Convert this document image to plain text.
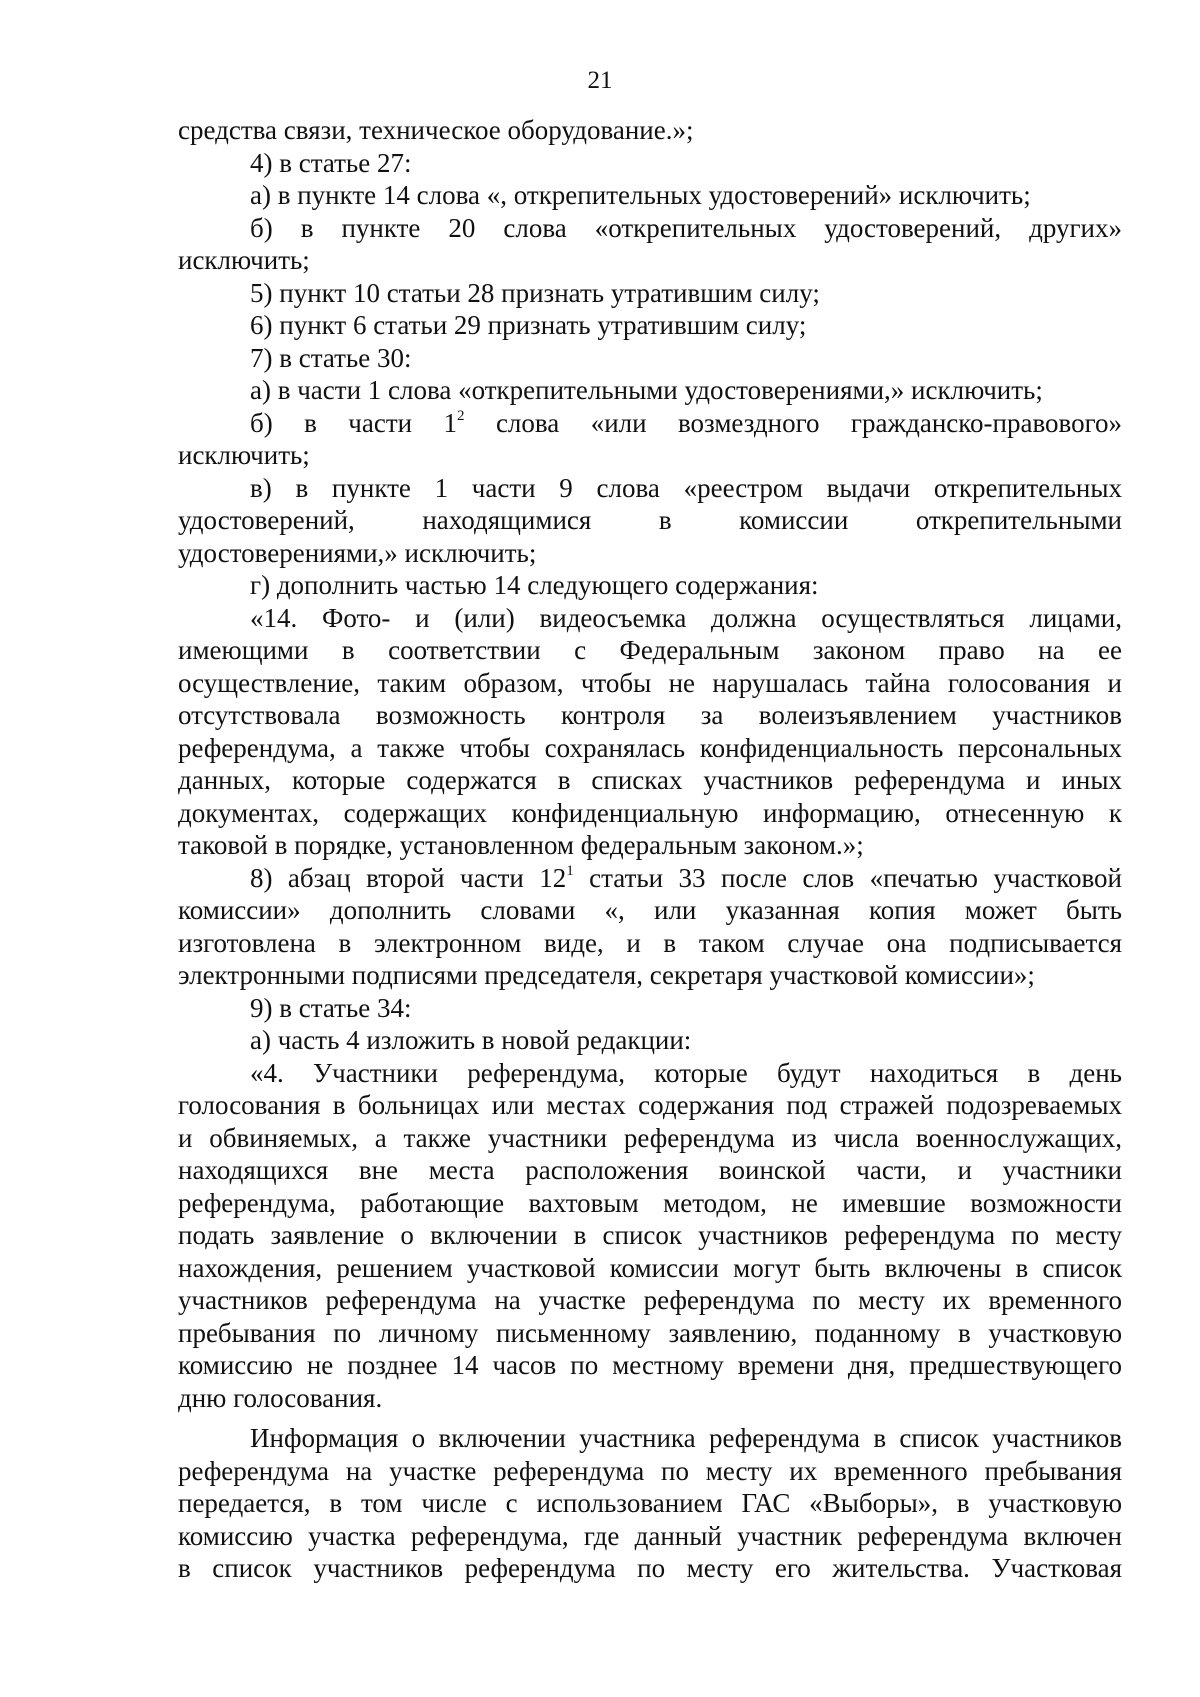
21
средства связи, техническое оборудование.»;
4) в статье 27:
а) в пункте 14 слова «, открепительных удостоверений» исключить;
б) в пункте 20 слова «открепительных удостоверений, других»
исключить;
5) пункт 10 статьи 28 признать утратившим силу;
6) пункт 6 статьи 29 признать утратившим силу;
7) в статье 30:
а) в части 1 слова «открепительными удостоверениями,» исключить;
б) в части $1^2$ слова «или возмездного гражданско-правового»
исключить;
в) в пункте 1 части 9 слова «реестром выдачи открепительных
удостоверений, находящимися в комиссии открепительными
удостоверениями,» исключить;
г) дополнить частью 14 следующего содержания:
«14. Фото- и (или) видеосъемка должна осуществляться лицами,
имеющими в соответствии с Федеральным законом право на ее
осуществление, таким образом, чтобы не нарушалась тайна голосования и
отсутствовала возможность контроля за волеизъявлением участников
референдума, а также чтобы сохранялась конфиденциальность персональных
данных, которые содержатся в списках участников референдума и иных
документах, содержащих конфиденциальную информацию, отнесенную к
таковой в порядке, установленном федеральным законом.»;
8) абзац второй части $12^1$ статьи 33 после слов «печатью участковой
комиссии» дополнить словами «, или указанная копия может быть
изготовлена в электронном виде, и в таком случае она подписывается
электронными подписями председателя, секретаря участковой комиссии»;
9) в статье 34:
а) часть 4 изложить в новой редакции:
«4. Участники референдума, которые будут находиться в день
голосования в больницах или местах содержания под стражей подозреваемых
и обвиняемых, а также участники референдума из числа военнослужащих,
находящихся вне места расположения воинской части, и участники
референдума, работающие вахтовым методом, не имевшие возможности
подать заявление о включении в список участников референдума по месту
нахождения, решением участковой комиссии могут быть включены в список
участников референдума на участке референдума по месту их временного
пребывания по личному письменному заявлению, поданному в участковую
комиссию не позднее 14 часов по местному времени дня, предшествующего
дню голосования.
Информация о включении участника референдума в список участников
референдума на участке референдума по месту их временного пребывания
передается, в том числе с использованием ГАС «Выборы», в участковую
комиссию участка референдума, где данный участник референдума включен
в список участников референдума по месту его жительства. Участковая
